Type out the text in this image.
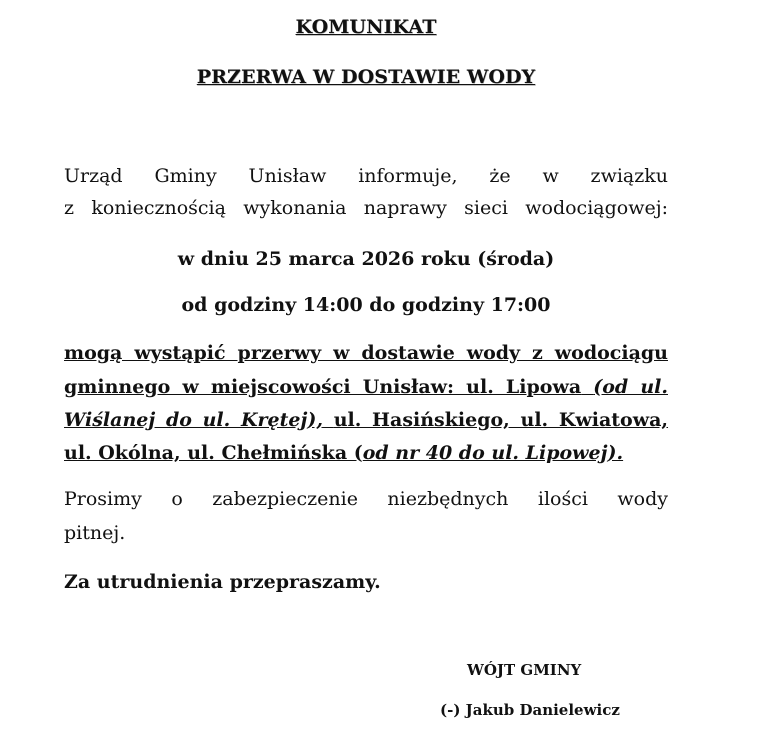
KOMUNIKAT
PRZERWA W DOSTAWIE WODY
Urząd Gminy Unisław informuje, że w związku
z koniecznością wykonania naprawy sieci wodociągowej:
w dniu 25 marca 2026 roku (środa)
od godziny 14:00 do godziny 17:00
mogą wystąpić przerwy w dostawie wody z wodociągu
gminnego w miejscowości Unisław: ul. Lipowa (od ul.
Wiślanej do ul. Krętej), ul. Hasińskiego, ul. Kwiatowa,
ul. Okólna, ul. Chełmińska (od nr 40 do ul. Lipowej).
Prosimy o zabezpieczenie niezbędnych ilości wody
pitnej.
Za utrudnienia przepraszamy.
WÓJT GMINY
(-) Jakub Danielewicz
